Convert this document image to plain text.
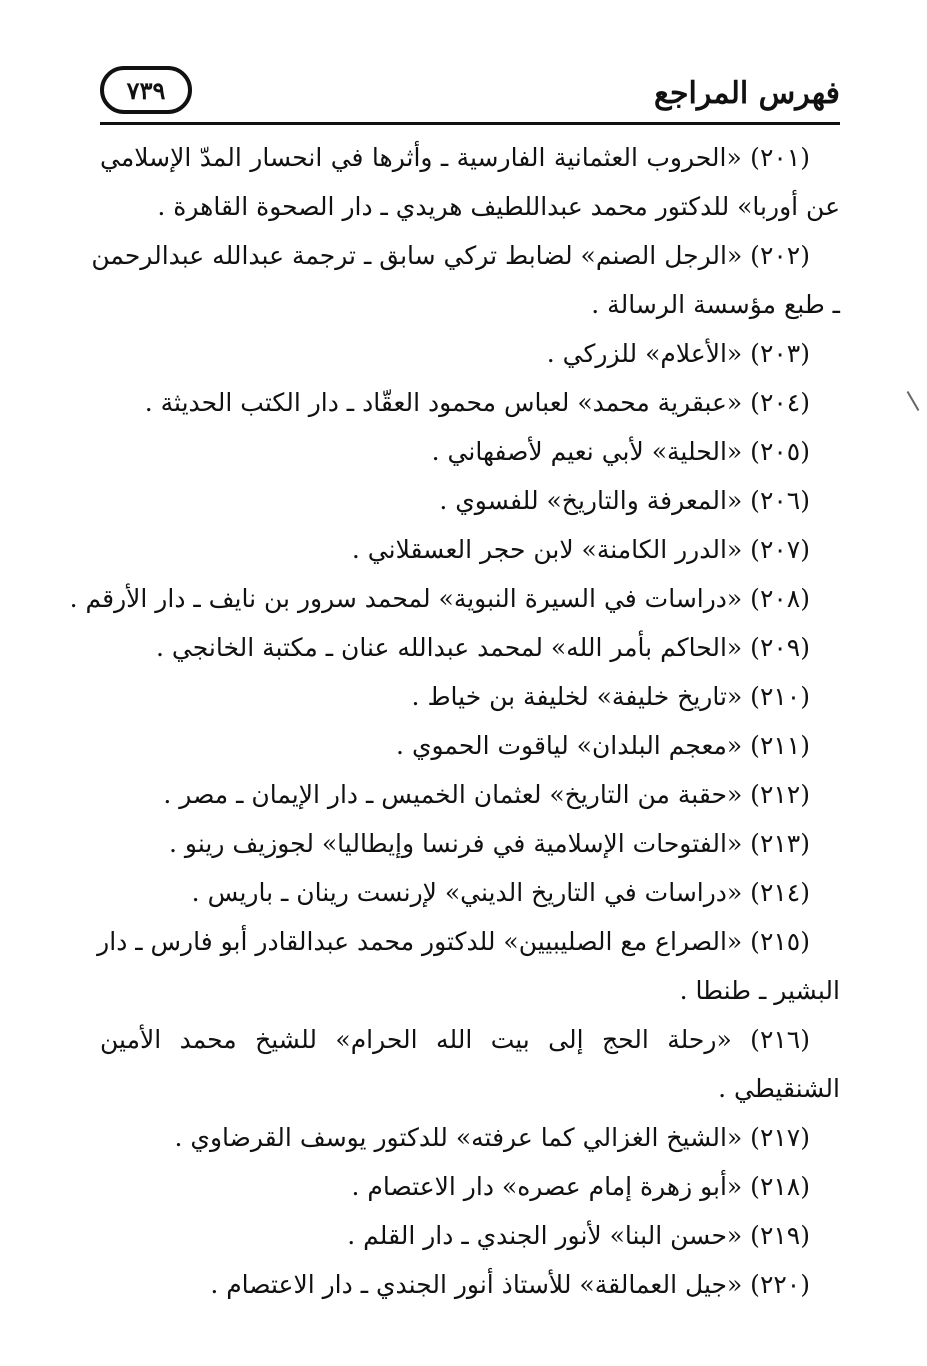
فهرس المراجع
٧٣٩
(٢٠١) «الحروب العثمانية الفارسية ـ وأثرها في انحسار المدّ الإسلامي
عن أوربا» للدكتور محمد عبداللطيف هريدي ـ دار الصحوة القاهرة .
(٢٠٢) «الرجل الصنم» لضابط تركي سابق ـ ترجمة عبدالله عبدالرحمن
ـ طبع مؤسسة الرسالة .
(٢٠٣) «الأعلام» للزركي .
(٢٠٤) «عبقرية محمد» لعباس محمود العقّاد ـ دار الكتب الحديثة .
(٢٠٥) «الحلية» لأبي نعيم لأصفهاني .
(٢٠٦) «المعرفة والتاريخ» للفسوي .
(٢٠٧) «الدرر الكامنة» لابن حجر العسقلاني .
(٢٠٨) «دراسات في السيرة النبوية» لمحمد سرور بن نايف ـ دار الأرقم .
(٢٠٩) «الحاكم بأمر الله» لمحمد عبدالله عنان ـ مكتبة الخانجي .
(٢١٠) «تاريخ خليفة» لخليفة بن خياط .
(٢١١) «معجم البلدان» لياقوت الحموي .
(٢١٢) «حقبة من التاريخ» لعثمان الخميس ـ دار الإيمان ـ مصر .
(٢١٣) «الفتوحات الإسلامية في فرنسا وإيطاليا» لجوزيف رينو .
(٢١٤) «دراسات في التاريخ الديني» لإرنست رينان ـ باريس .
(٢١٥) «الصراع مع الصليبيين» للدكتور محمد عبدالقادر أبو فارس ـ دار
البشير ـ طنطا .
(٢١٦) «رحلة الحج إلى بيت الله الحرام» للشيخ محمد الأمين
الشنقيطي .
(٢١٧) «الشيخ الغزالي كما عرفته» للدكتور يوسف القرضاوي .
(٢١٨) «أبو زهرة إمام عصره» دار الاعتصام .
(٢١٩) «حسن البنا» لأنور الجندي ـ دار القلم .
(٢٢٠) «جيل العمالقة» للأستاذ أنور الجندي ـ دار الاعتصام .
